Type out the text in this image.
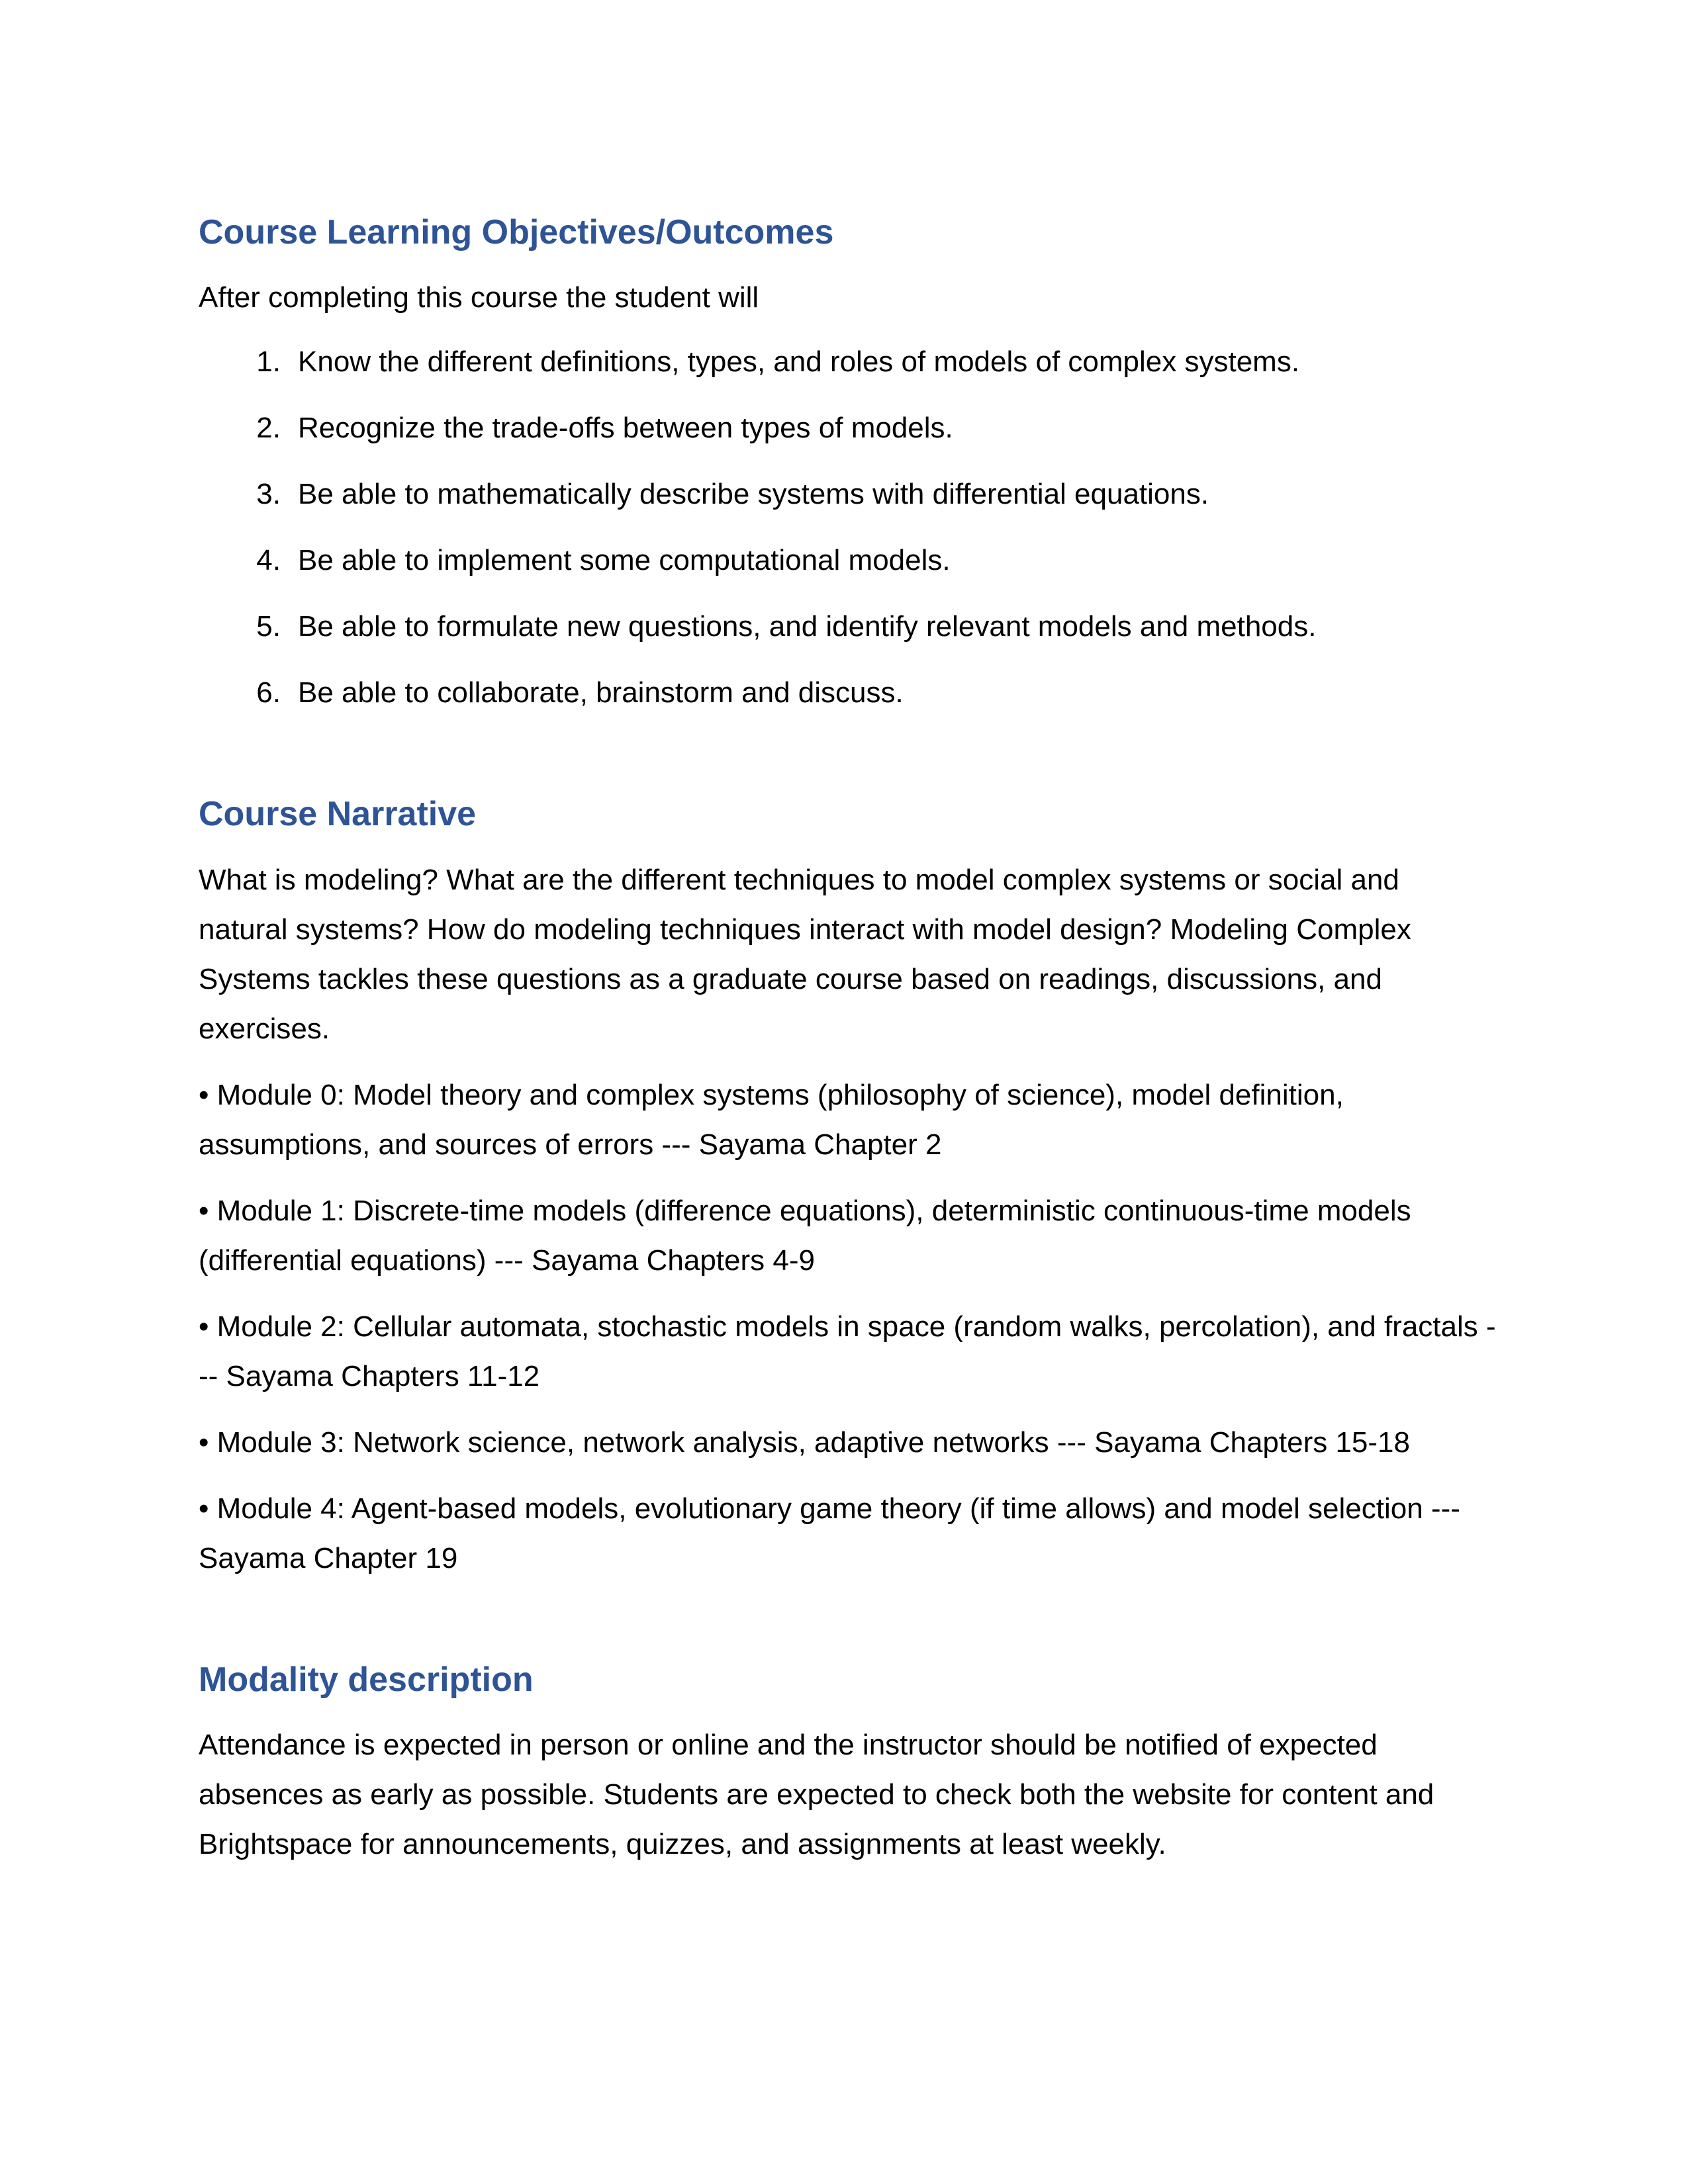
Course Learning Objectives/Outcomes

After completing this course the student will

1. Know the different definitions, types, and roles of models of complex systems.
2. Recognize the trade-offs between types of models.
3. Be able to mathematically describe systems with differential equations.
4. Be able to implement some computational models.
5. Be able to formulate new questions, and identify relevant models and methods.
6. Be able to collaborate, brainstorm and discuss.
Course Narrative

What is modeling? What are the different techniques to model complex systems or social and natural systems? How do modeling techniques interact with model design? Modeling Complex Systems tackles these questions as a graduate course based on readings, discussions, and exercises.

• Module 0: Model theory and complex systems (philosophy of science), model definition, assumptions, and sources of errors --- Sayama Chapter 2

• Module 1: Discrete-time models (difference equations), deterministic continuous-time models (differential equations) --- Sayama Chapters 4-9

• Module 2: Cellular automata, stochastic models in space (random walks, percolation), and fractals --- Sayama Chapters 11-12

• Module 3: Network science, network analysis, adaptive networks --- Sayama Chapters 15-18

• Module 4: Agent-based models, evolutionary game theory (if time allows) and model selection --- Sayama Chapter 19

Modality description

Attendance is expected in person or online and the instructor should be notified of expected absences as early as possible. Students are expected to check both the website for content and Brightspace for announcements, quizzes, and assignments at least weekly.
